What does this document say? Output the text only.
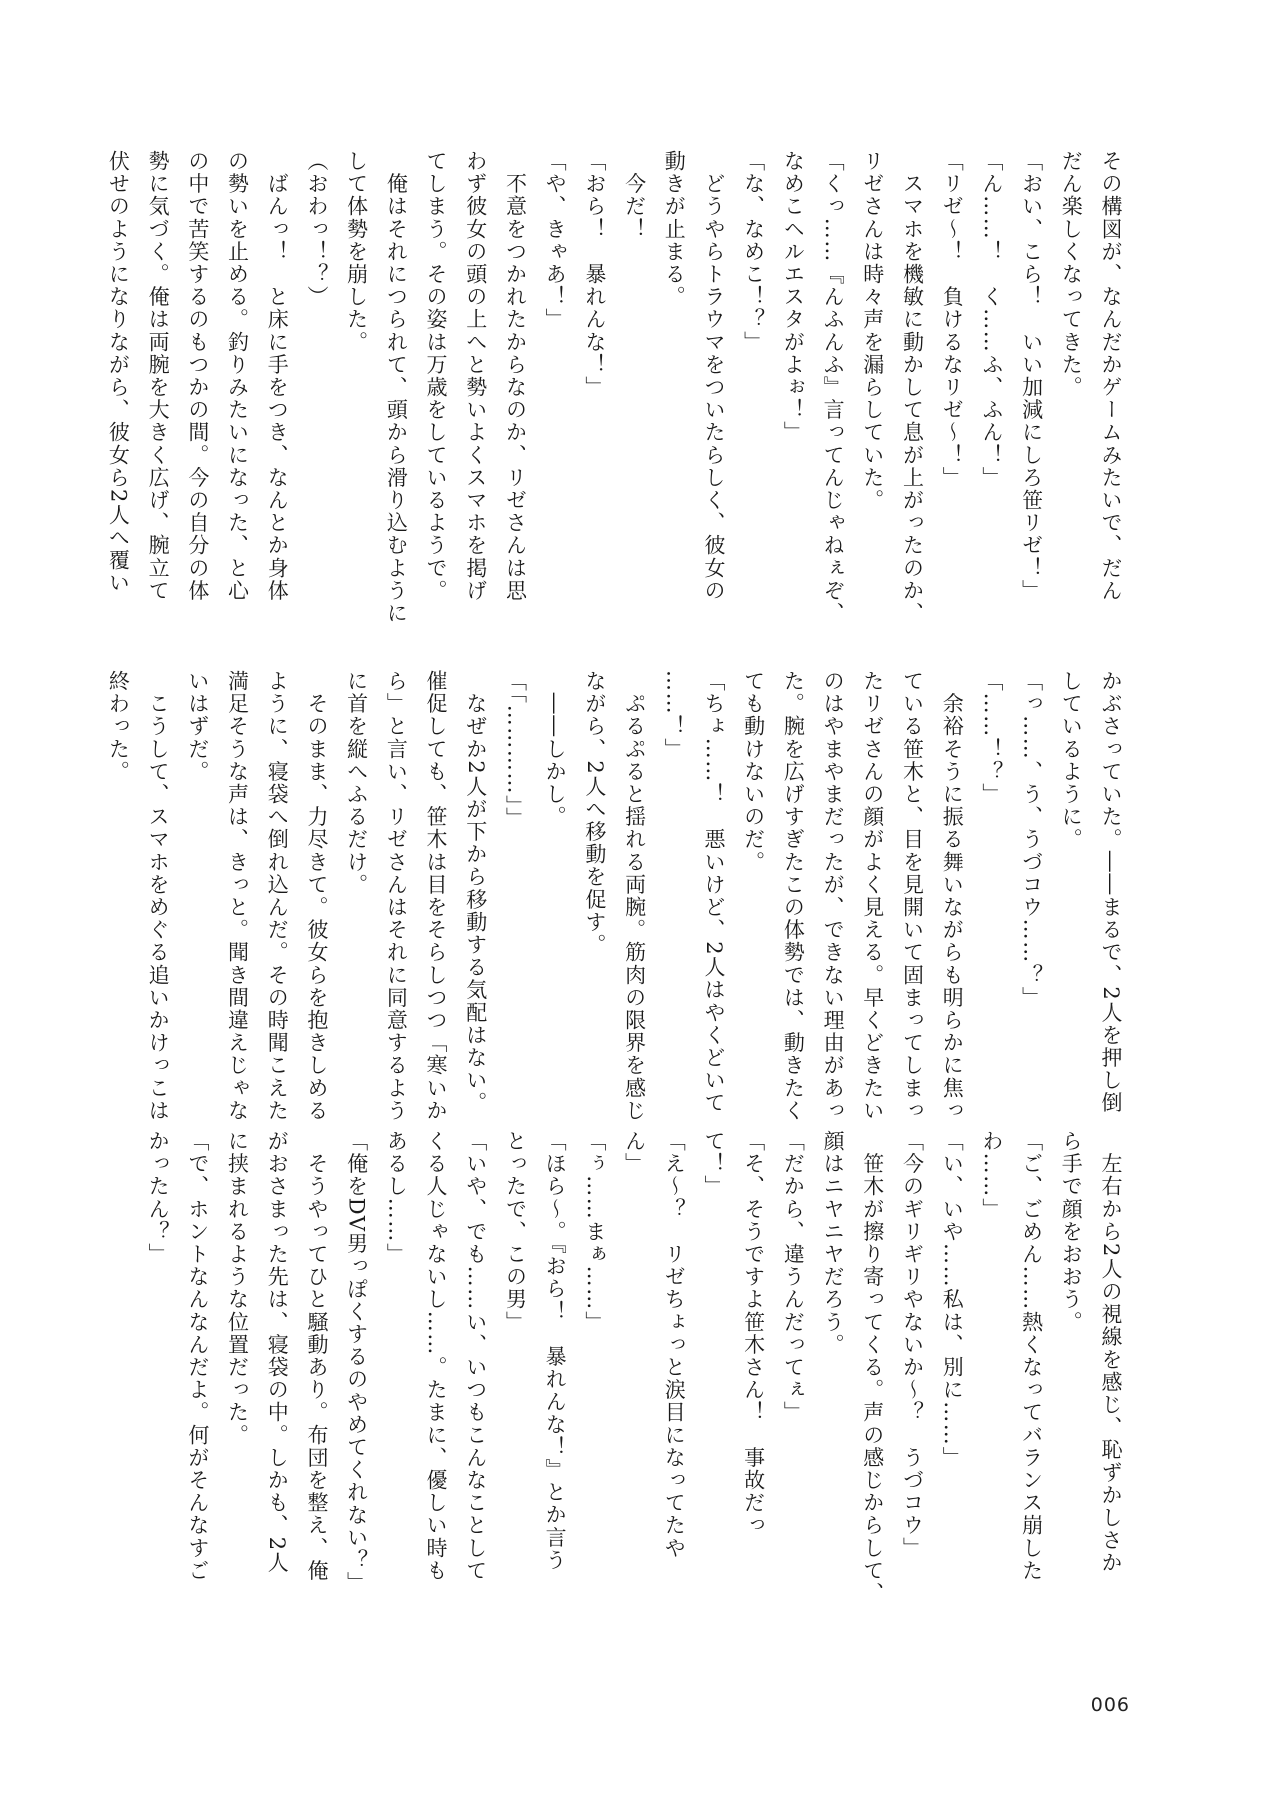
その構図が、なんだかゲームみたいで、だん
だん楽しくなってきた。
「おい、こら！　いい加減にしろ笹リゼ！」
「ん……！　く……ふ、ふん！」
「リゼ〜！　負けるなリゼ〜！」
　スマホを機敏に動かして息が上がったのか、
リゼさんは時々声を漏らしていた。
「くっ……『んふんふ』言ってんじゃねぇぞ、
なめこヘルエスタがよぉ！」
「な、なめこ！？」
　どうやらトラウマをついたらしく、彼女の
動きが止まる。
　今だ！
「おら！　暴れんな！」
「や、きゃあ！」
　不意をつかれたからなのか、リゼさんは思
わず彼女の頭の上へと勢いよくスマホを掲げ
てしまう。その姿は万歳をしているようで。
　俺はそれにつられて、頭から滑り込むように
して体勢を崩した。
（おわっ！？）
　ばんっ！　と床に手をつき、なんとか身体
の勢いを止める。釣りみたいになった、と心
の中で苦笑するのもつかの間。今の自分の体
勢に気づく。俺は両腕を大きく広げ、腕立て
伏せのようになりながら、彼女ら2人へ覆い
かぶさっていた。――まるで、2人を押し倒
しているように。
「っ……、う、うづコウ……？」
「……！？」
　余裕そうに振る舞いながらも明らかに焦っ
ている笹木と、目を見開いて固まってしまっ
たリゼさんの顔がよく見える。早くどきたい
のはやまやまだったが、できない理由があっ
た。腕を広げすぎたこの体勢では、動きたく
ても動けないのだ。
「ちょ……！　悪いけど、2人はやくどいて
……！」
　ぷるぷると揺れる両腕。筋肉の限界を感じ
ながら、2人へ移動を促す。
　――しかし。
「「…………」」
　なぜか2人が下から移動する気配はない。
催促しても、笹木は目をそらしつつ「寒いか
ら」と言い、リゼさんはそれに同意するよう
に首を縦へふるだけ。
　そのまま、力尽きて。彼女らを抱きしめる
ように、寝袋へ倒れ込んだ。その時聞こえた
満足そうな声は、きっと。聞き間違えじゃな
いはずだ。
　こうして、スマホをめぐる追いかけっこは
終わった。
　左右から2人の視線を感じ、恥ずかしさか
ら手で顔をおおう。
「ご、ごめん……熱くなってバランス崩した
わ……」
「い、いや……私は、別に……」
「今のギリギリやないか〜？　うづコウ」
　笹木が擦り寄ってくる。声の感じからして、
顔はニヤニヤだろう。
「だから、違うんだってぇ」
「そ、そうですよ笹木さん！　事故だっ
て！」
「え〜？　リゼちょっと涙目になってたや
ん」
「ぅ……まぁ……」
「ほら〜。『おら！　暴れんな！』とか言う
とったで、この男」
「いや、でも……い、いつもこんなことして
くる人じゃないし……。たまに、優しい時も
あるし……」
「俺をDV男っぽくするのやめてくれない？」
　そうやってひと騒動あり。布団を整え、俺
がおさまった先は、寝袋の中。しかも、2人
に挟まれるような位置だった。
「で、ホントなんなんだよ。何がそんなすご
かったん？」
006
